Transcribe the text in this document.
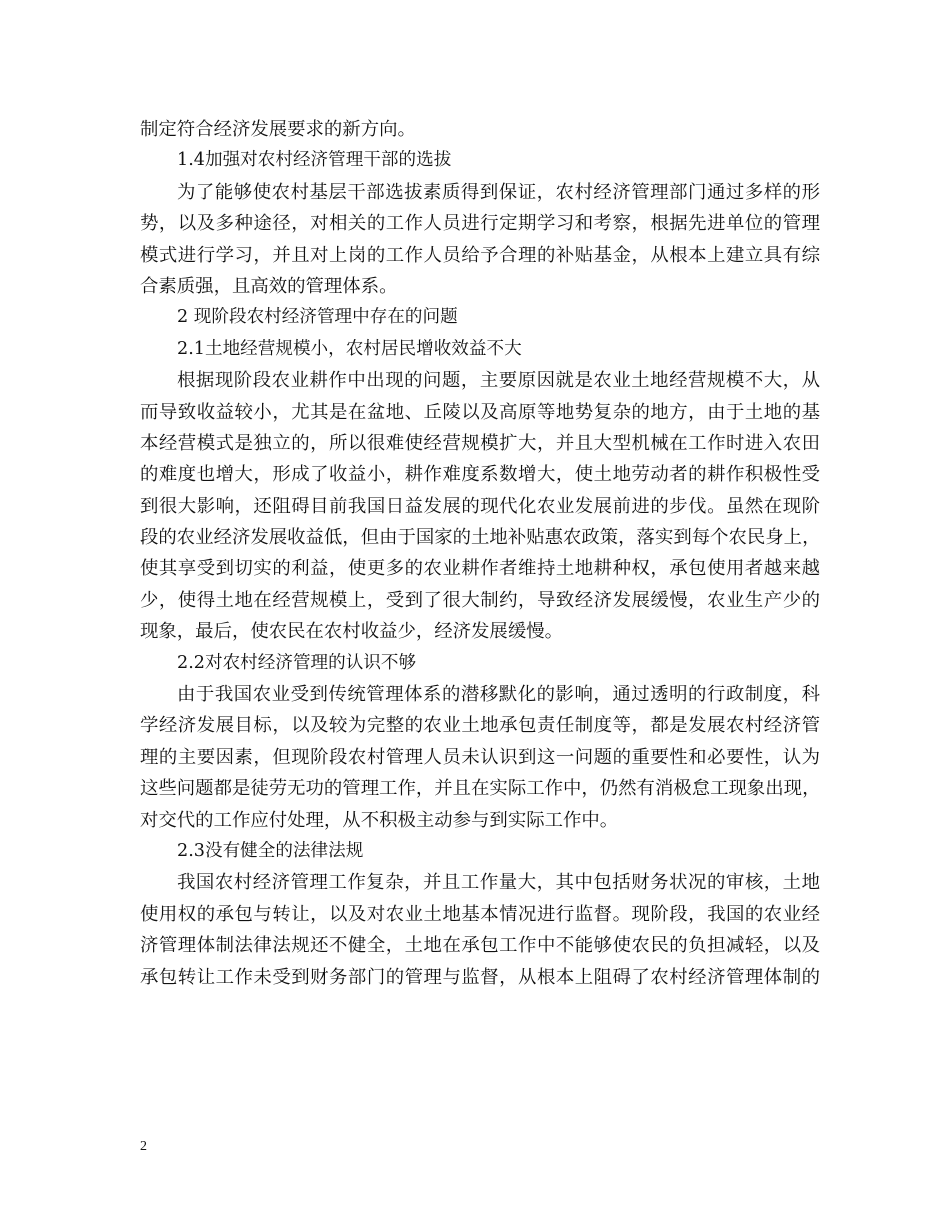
制定符合经济发展要求的新方向。
1.4加强对农村经济管理干部的选拔
为了能够使农村基层干部选拔素质得到保证，农村经济管理部门通过多样的形
势，以及多种途径，对相关的工作人员进行定期学习和考察，根据先进单位的管理
模式进行学习，并且对上岗的工作人员给予合理的补贴基金，从根本上建立具有综
合素质强，且高效的管理体系。
2 现阶段农村经济管理中存在的问题
2.1土地经营规模小，农村居民增收效益不大
根据现阶段农业耕作中出现的问题，主要原因就是农业土地经营规模不大，从
而导致收益较小，尤其是在盆地、丘陵以及高原等地势复杂的地方，由于土地的基
本经营模式是独立的，所以很难使经营规模扩大，并且大型机械在工作时进入农田
的难度也增大，形成了收益小，耕作难度系数增大，使土地劳动者的耕作积极性受
到很大影响，还阻碍目前我国日益发展的现代化农业发展前进的步伐。虽然在现阶
段的农业经济发展收益低，但由于国家的土地补贴惠农政策，落实到每个农民身上，
使其享受到切实的利益，使更多的农业耕作者维持土地耕种权，承包使用者越来越
少，使得土地在经营规模上，受到了很大制约，导致经济发展缓慢，农业生产少的
现象，最后，使农民在农村收益少，经济发展缓慢。
2.2对农村经济管理的认识不够
由于我国农业受到传统管理体系的潜移默化的影响，通过透明的行政制度，科
学经济发展目标，以及较为完整的农业土地承包责任制度等，都是发展农村经济管
理的主要因素，但现阶段农村管理人员未认识到这一问题的重要性和必要性，认为
这些问题都是徒劳无功的管理工作，并且在实际工作中，仍然有消极怠工现象出现，
对交代的工作应付处理，从不积极主动参与到实际工作中。
2.3没有健全的法律法规
我国农村经济管理工作复杂，并且工作量大，其中包括财务状况的审核，土地
使用权的承包与转让，以及对农业土地基本情况进行监督。现阶段，我国的农业经
济管理体制法律法规还不健全，土地在承包工作中不能够使农民的负担减轻，以及
承包转让工作未受到财务部门的管理与监督，从根本上阻碍了农村经济管理体制的
2
